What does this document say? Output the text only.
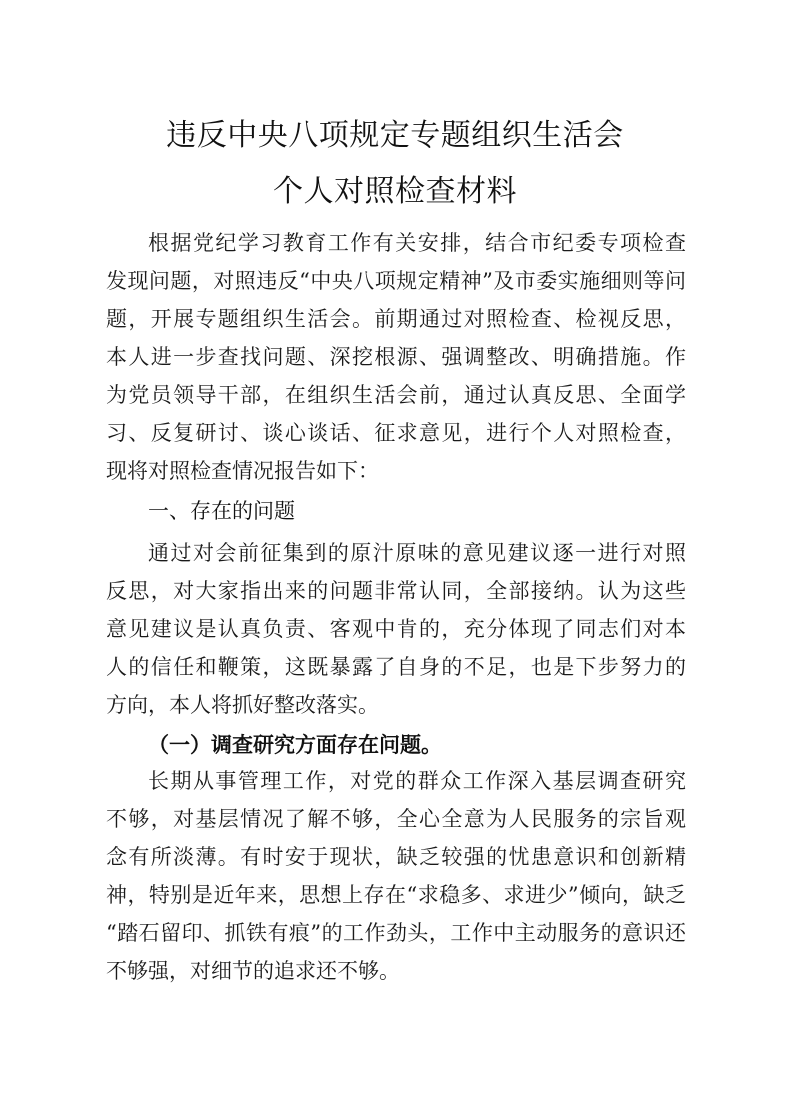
违反中央八项规定专题组织生活会
个人对照检查材料
根据党纪学习教育工作有关安排，结合市纪委专项检查
发现问题，对照违反“中央八项规定精神”及市委实施细则等问
题，开展专题组织生活会。前期通过对照检查、检视反思，
本人进一步查找问题、深挖根源、强调整改、明确措施。作
为党员领导干部，在组织生活会前，通过认真反思、全面学
习、反复研讨、谈心谈话、征求意见，进行个人对照检查，
现将对照检查情况报告如下：
一、存在的问题
通过对会前征集到的原汁原味的意见建议逐一进行对照
反思，对大家指出来的问题非常认同，全部接纳。认为这些
意见建议是认真负责、客观中肯的，充分体现了同志们对本
人的信任和鞭策，这既暴露了自身的不足，也是下步努力的
方向，本人将抓好整改落实。
（一）调查研究方面存在问题。
长期从事管理工作，对党的群众工作深入基层调查研究
不够，对基层情况了解不够，全心全意为人民服务的宗旨观
念有所淡薄。有时安于现状，缺乏较强的忧患意识和创新精
神，特别是近年来，思想上存在“求稳多、求进少”倾向，缺乏
“踏石留印、抓铁有痕”的工作劲头，工作中主动服务的意识还
不够强，对细节的追求还不够。
